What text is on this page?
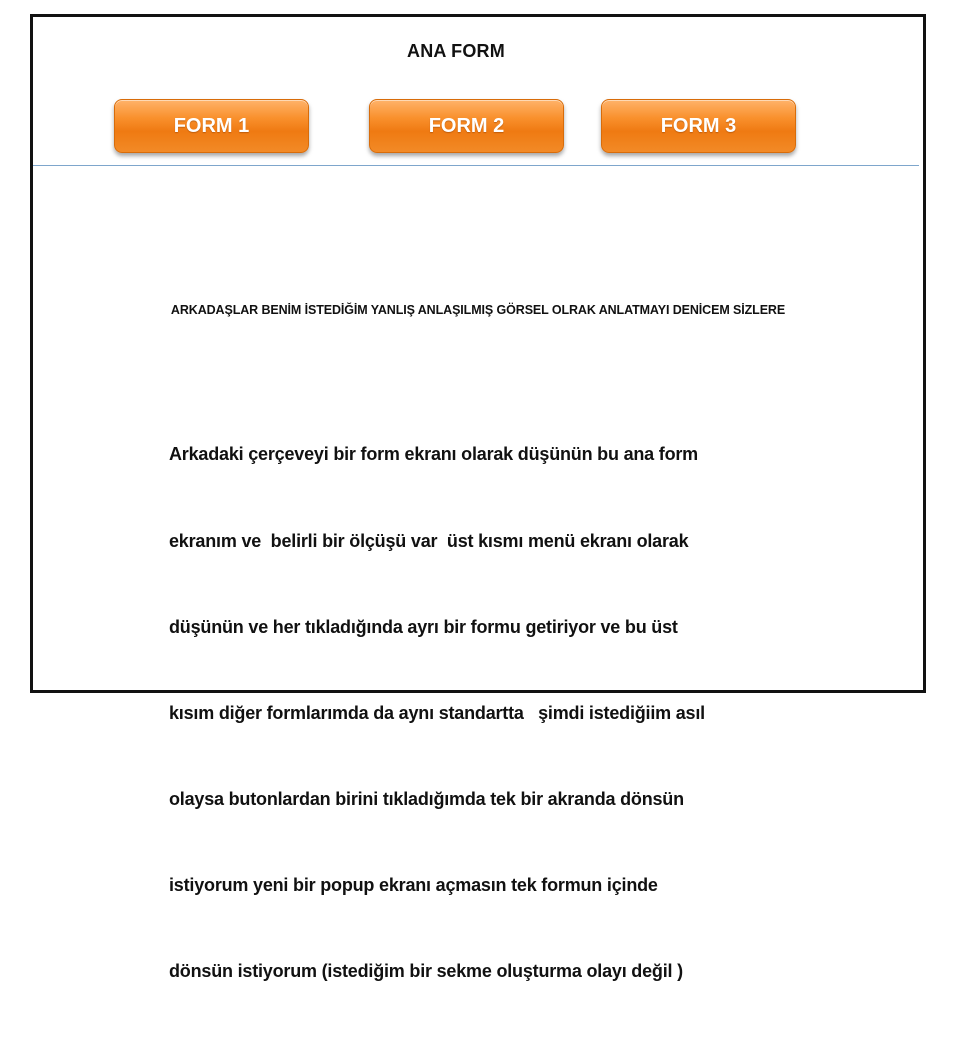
ANA FORM
FORM 1	FORM 2	FORM 3
ARKADAŞLAR BENİM İSTEDİĞİM YANLIŞ ANLAŞILMIŞ GÖRSEL OLRAK ANLATMAYI DENİCEM SİZLERE

Arkadaki çerçeveyi bir form ekranı olarak düşünün bu ana form

ekranım ve  belirli bir ölçüşü var  üst kısmı menü ekranı olarak

düşünün ve her tıkladığında ayrı bir formu getiriyor ve bu üst

kısım diğer formlarımda da aynı standartta   şimdi istediğiim asıl

olaysa butonlardan birini tıkladığımda tek bir akranda dönsün

istiyorum yeni bir popup ekranı açmasın tek formun içinde

dönsün istiyorum (istediğim bir sekme oluşturma olayı değil )
